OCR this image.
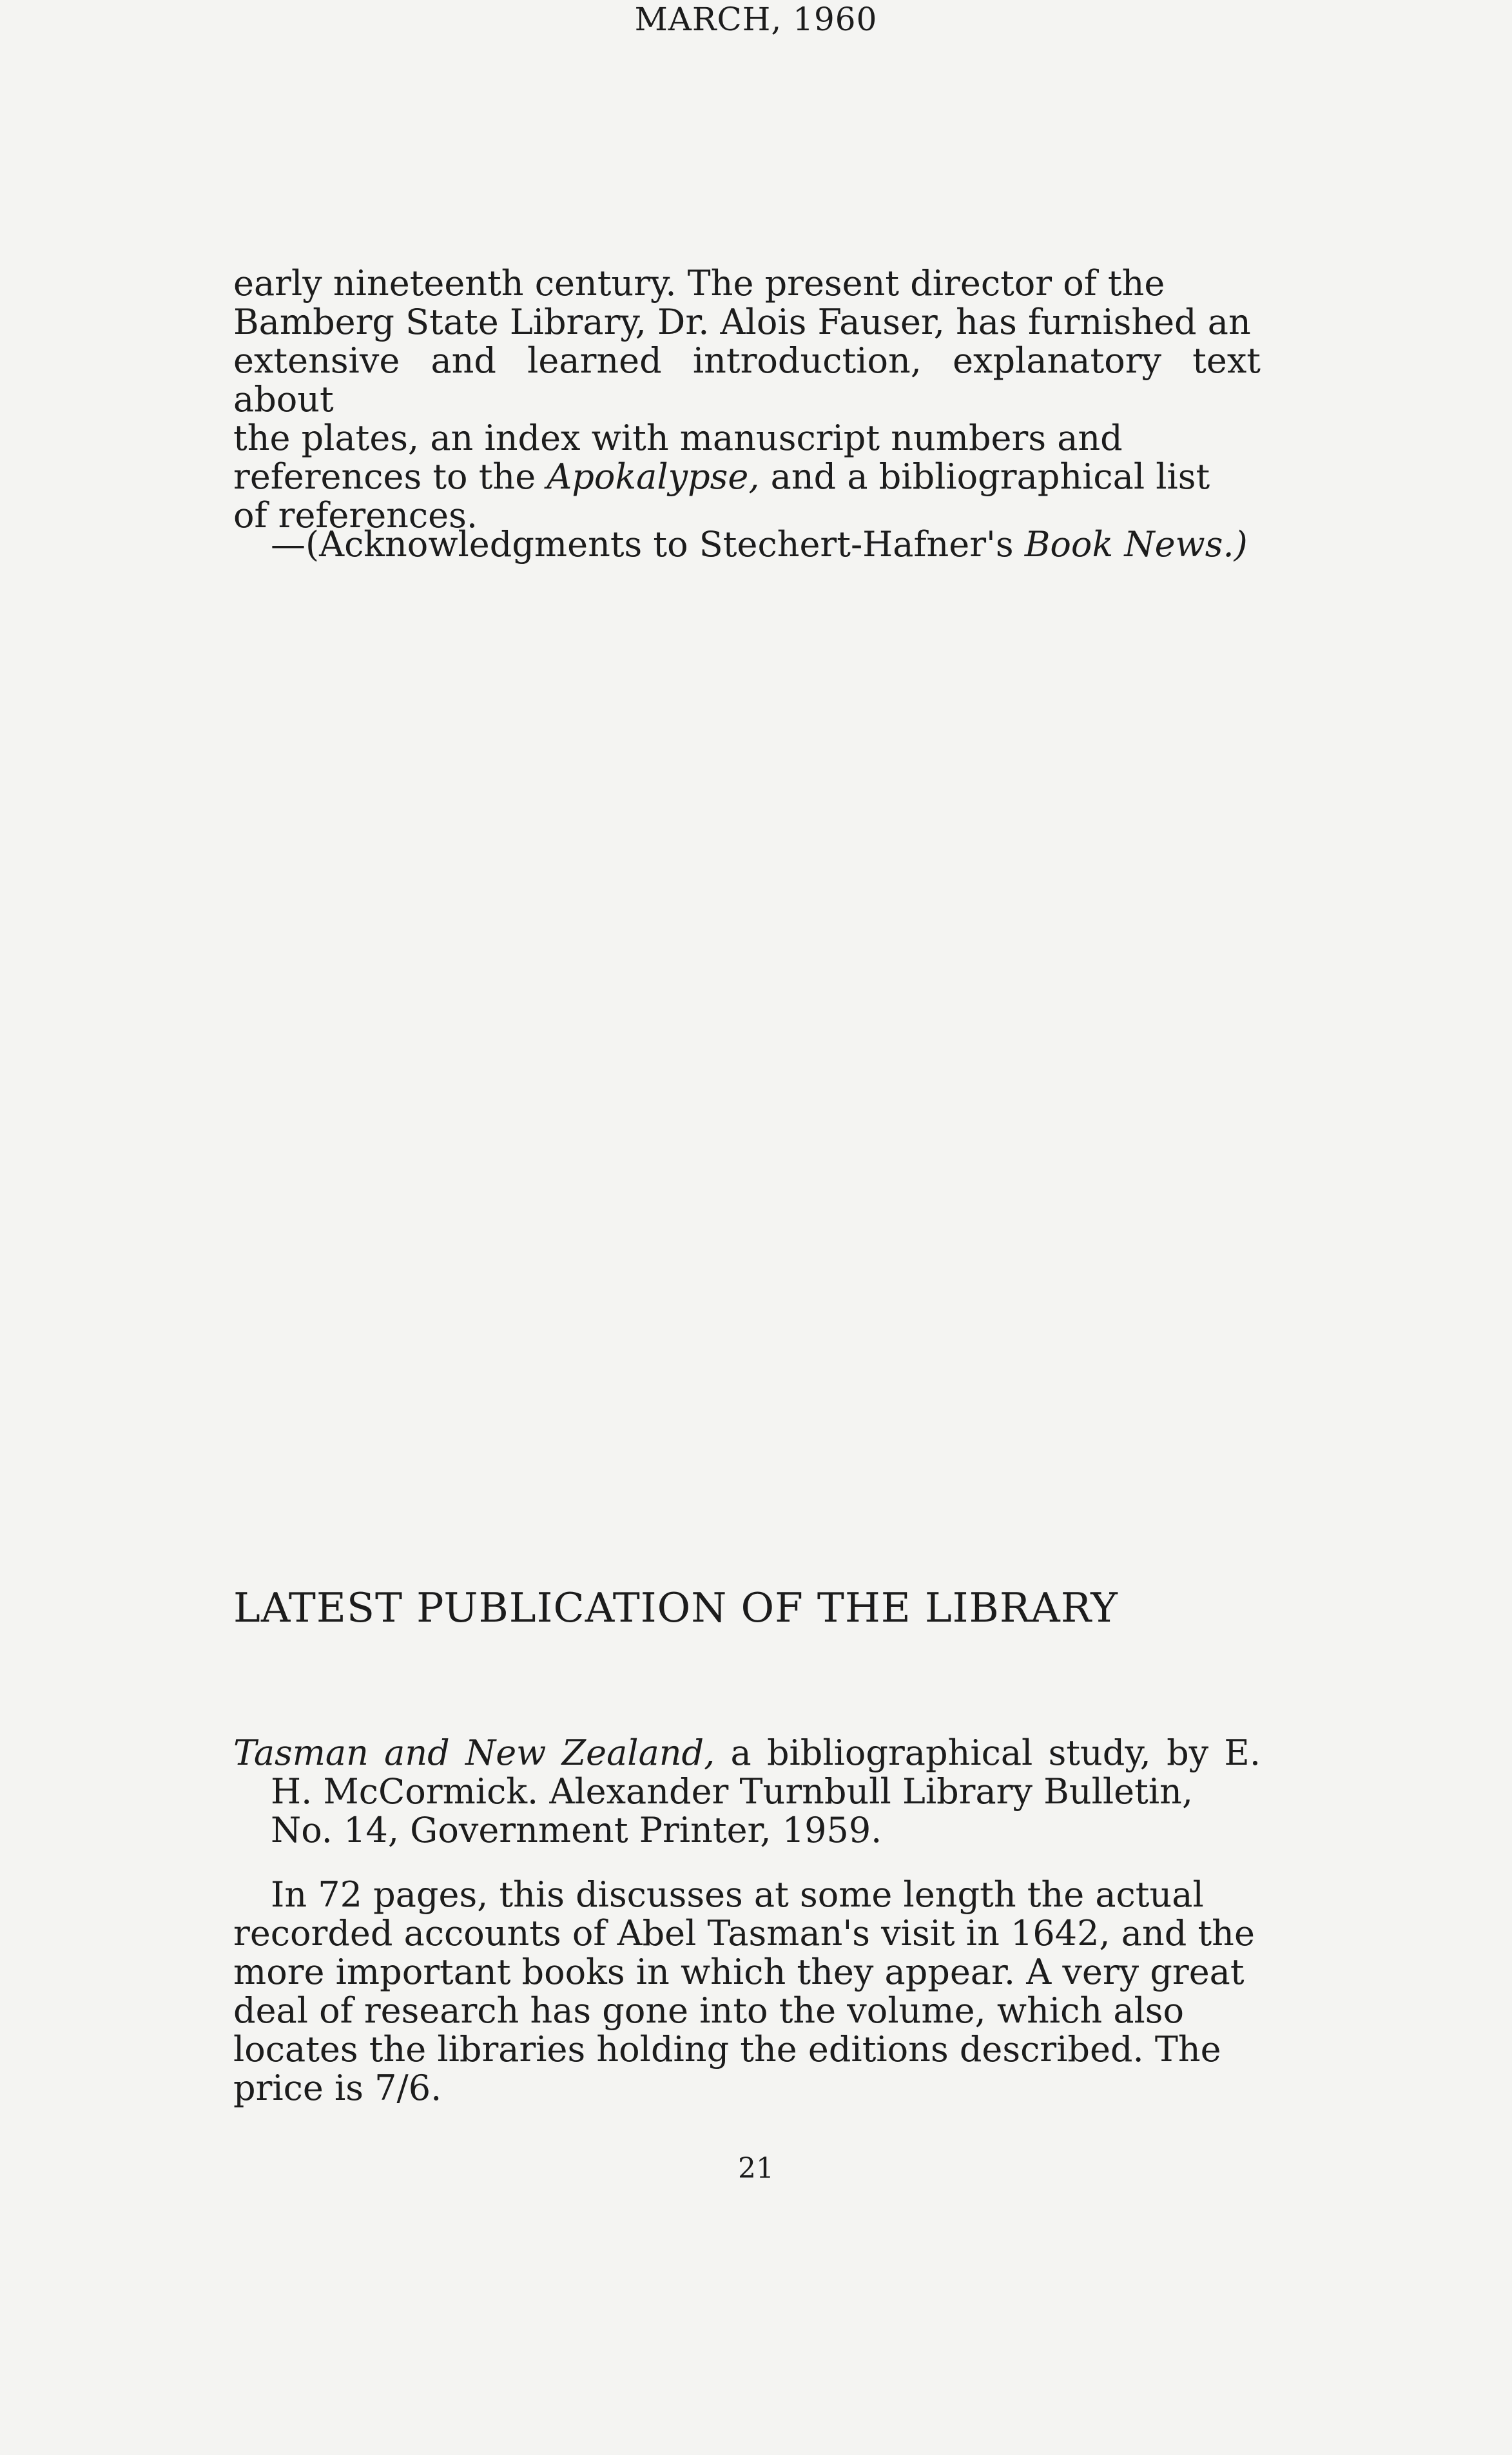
early nineteenth century. The present director of the
Bamberg State Library, Dr. Alois Fauser, has furnished an
extensive and learned introduction, explanatory text about
the plates, an index with manuscript numbers and
references to the Apokalypse, and a bibliographical list
of references.
—(Acknowledgments to Stechert-Hafner's Book News.)
LATEST PUBLICATION OF THE LIBRARY
MARCH, 1960
Tasman and New Zealand, a bibliographical study, by E.
H. McCormick. Alexander Turnbull Library Bulletin,
No. 14, Government Printer, 1959.
In 72 pages, this discusses at some length the actual
recorded accounts of Abel Tasman's visit in 1642, and the
more important books in which they appear. A very great
deal of research has gone into the volume, which also
locates the libraries holding the editions described. The
price is 7/6.
21
